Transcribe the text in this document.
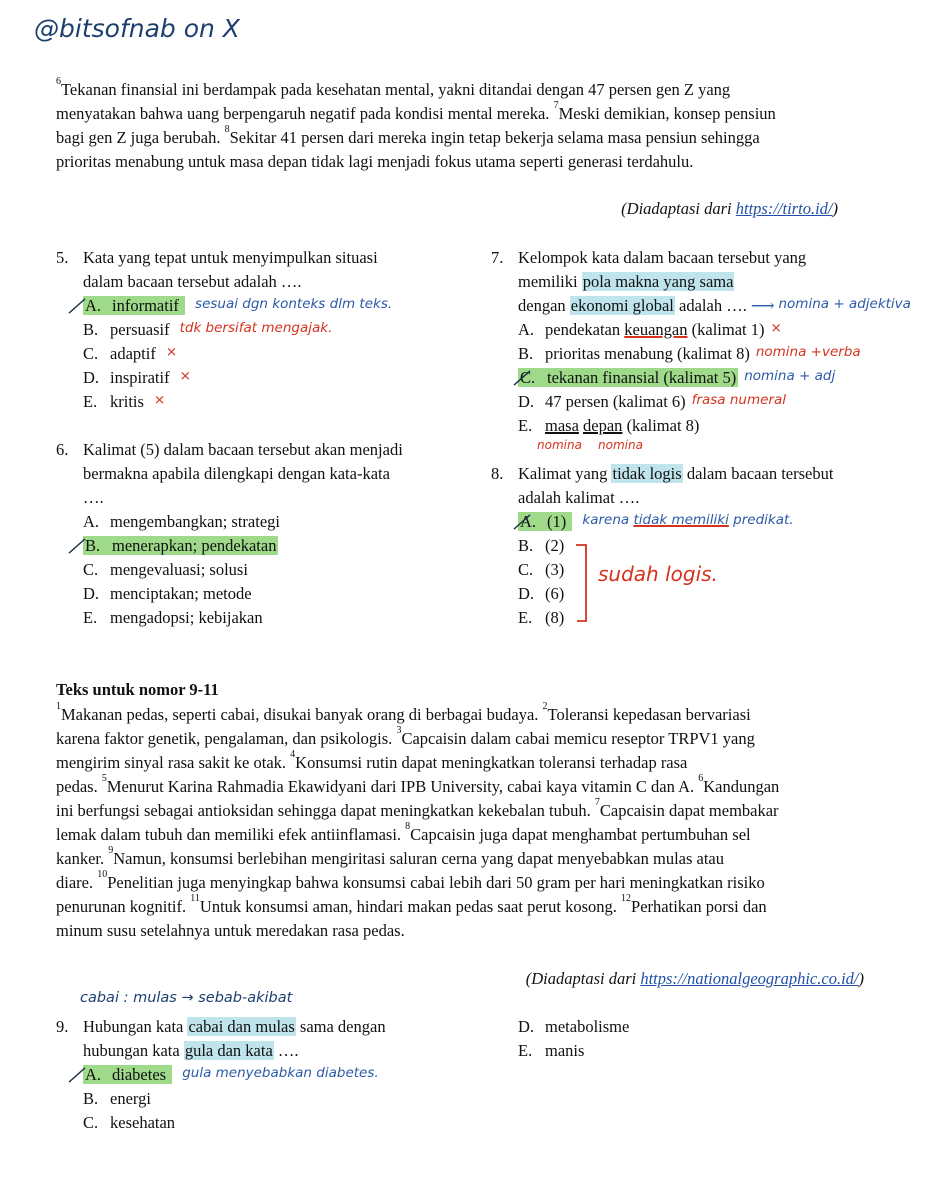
@bitsofnab on X
$^6$Tekanan finansial ini berdampak pada kesehatan mental, yakni ditandai dengan 47 persen gen Z yang
menyatakan bahwa uang berpengaruh negatif pada kondisi mental mereka. $^7$Meski demikian, konsep pensiun
bagi gen Z juga berubah. $^8$Sekitar 41 persen dari mereka ingin tetap bekerja selama masa pensiun sehingga
prioritas menabung untuk masa depan tidak lagi menjadi fokus utama seperti generasi terdahulu.
(Diadaptasi dari https://tirto.id/)
5. Kata yang tepat untuk menyimpulkan situasi
dalam bacaan tersebut adalah ….
A. informatif sesuai dgn konteks dlm teks.
B. persuasif tdk bersifat mengajak.
C. adaptif ×
D. inspiratif ×
E. kritis ×
6. Kalimat (5) dalam bacaan tersebut akan menjadi
bermakna apabila dilengkapi dengan kata-kata
….
A. mengembangkan; strategi
B. menerapkan; pendekatan
C. mengevaluasi; solusi
D. menciptakan; metode
E. mengadopsi; kebijakan
7. Kelompok kata dalam bacaan tersebut yang
memiliki pola makna yang sama
dengan ekonomi global adalah …. ⟶ nomina + adjektiva
A. pendekatan keuangan (kalimat 1) ×
B. prioritas menabung (kalimat 8) nomina +verba
C. tekanan finansial (kalimat 5) nomina + adj
D. 47 persen (kalimat 6) frasa numeral
E. masa depan (kalimat 8)
nomina nomina
8. Kalimat yang tidak logis dalam bacaan tersebut
adalah kalimat ….
A. (1) karena tidak memiliki predikat.
B. (2)
C. (3)
D. (6)
E. (8)
sudah logis.
Teks untuk nomor 9-11
$^1$Makanan pedas, seperti cabai, disukai banyak orang di berbagai budaya. $^2$Toleransi kepedasan bervariasi
karena faktor genetik, pengalaman, dan psikologis. $^3$Capcaisin dalam cabai memicu reseptor TRPV1 yang
mengirim sinyal rasa sakit ke otak. $^4$Konsumsi rutin dapat meningkatkan toleransi terhadap rasa
pedas. $^5$Menurut Karina Rahmadia Ekawidyani dari IPB University, cabai kaya vitamin C dan A. $^6$Kandungan
ini berfungsi sebagai antioksidan sehingga dapat meningkatkan kekebalan tubuh. $^7$Capcaisin dapat membakar
lemak dalam tubuh dan memiliki efek antiinflamasi. $^8$Capcaisin juga dapat menghambat pertumbuhan sel
kanker. $^9$Namun, konsumsi berlebihan mengiritasi saluran cerna yang dapat menyebabkan mulas atau
diare. $^{10}$Penelitian juga menyingkap bahwa konsumsi cabai lebih dari 50 gram per hari meningkatkan risiko
penurunan kognitif. $^{11}$Untuk konsumsi aman, hindari makan pedas saat perut kosong. $^{12}$Perhatikan porsi dan
minum susu setelahnya untuk meredakan rasa pedas.
(Diadaptasi dari https://nationalgeographic.co.id/)
cabai : mulas → sebab-akibat
9. Hubungan kata cabai dan mulas sama dengan
hubungan kata gula dan kata ….
A. diabetes gula menyebabkan diabetes.
B. energi
C. kesehatan
D. metabolisme
E. manis
